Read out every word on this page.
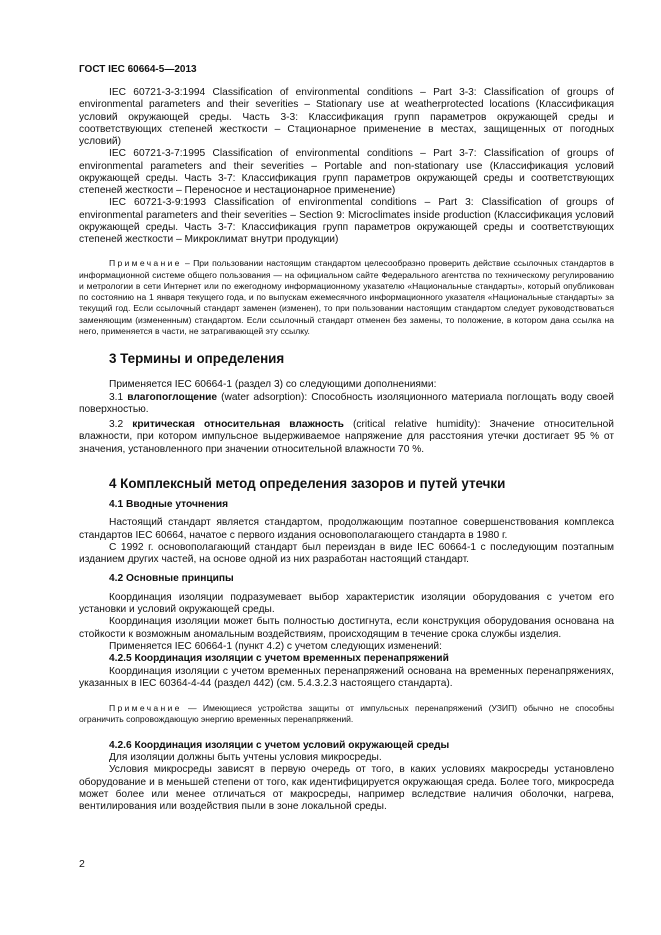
ГОСТ IEC 60664-5—2013

IEC 60721-3-3:1994 Classification of environmental conditions – Part 3-3: Classification of groups of environmental parameters and their severities – Stationary use at weatherprotected locations (Классификация условий окружающей среды. Часть 3-3: Классификация групп параметров окружающей среды и соответствующих степеней жесткости – Стационарное применение в местах, защищенных от погодных условий)

IEC 60721-3-7:1995 Classification of environmental conditions – Part 3-7: Classification of groups of environmental parameters and their severities – Portable and non-stationary use (Классификация условий окружающей среды. Часть 3-7: Классификация групп параметров окружающей среды и соответствующих степеней жесткости – Переносное и нестационарное применение)

IEC 60721-3-9:1993 Classification of environmental conditions – Part 3: Classification of groups of environmental parameters and their severities – Section 9: Microclimates inside production (Классификация условий окружающей среды. Часть 3-7: Классификация групп параметров окружающей среды и соответствующих степеней жесткости – Микроклимат внутри продукции)

Примечание – При пользовании настоящим стандартом целесообразно проверить действие ссылочных стандартов в информационной системе общего пользования — на официальном сайте Федерального агентства по техническому регулированию и метрологии в сети Интернет или по ежегодному информационному указателю «Национальные стандарты», который опубликован по состоянию на 1 января текущего года, и по выпускам ежемесячного информационного указателя «Национальные стандарты» за текущий год. Если ссылочный стандарт заменен (изменен), то при пользовании настоящим стандартом следует руководствоваться заменяющим (измененным) стандартом. Если ссылочный стандарт отменен без замены, то положение, в котором дана ссылка на него, применяется в части, не затрагивающей эту ссылку.

3 Термины и определения

Применяется IEC 60664-1 (раздел 3) со следующими дополнениями:

3.1 влагопоглощение (water adsorption): Способность изоляционного материала поглощать воду своей поверхностью.

3.2 критическая относительная влажность (critical relative humidity): Значение относительной влажности, при котором импульсное выдерживаемое напряжение для расстояния утечки достигает 95 % от значения, установленного при значении относительной влажности 70 %.

4 Комплексный метод определения зазоров и путей утечки
4.1 Вводные уточнения

Настоящий стандарт является стандартом, продолжающим поэтапное совершенствования комплекса стандартов IEC 60664, начатое с первого издания основополагающего стандарта в 1980 г.

С 1992 г. основополагающий стандарт был переиздан в виде IEC 60664-1 с последующим поэтапным изданием других частей, на основе одной из них разработан настоящий стандарт.

4.2 Основные принципы

Координация изоляции подразумевает выбор характеристик изоляции оборудования с учетом его установки и условий окружающей среды.

Координация изоляции может быть полностью достигнута, если конструкция оборудования основана на стойкости к возможным аномальным воздействиям, происходящим в течение срока службы изделия.

Применяется IEC 60664-1 (пункт 4.2) с учетом следующих изменений:

4.2.5 Координация изоляции с учетом временных перенапряжений

Координация изоляции с учетом временных перенапряжений основана на временных перенапряжениях, указанных в IEC 60364-4-44 (раздел 442) (см. 5.4.3.2.3 настоящего стандарта).

Примечание — Имеющиеся устройства защиты от импульсных перенапряжений (УЗИП) обычно не способны ограничить сопровождающую энергию временных перенапряжений.

4.2.6 Координация изоляции с учетом условий окружающей среды

Для изоляции должны быть учтены условия микросреды.

Условия микросреды зависят в первую очередь от того, в каких условиях макросреды установлено оборудование и в меньшей степени от того, как идентифицируется окружающая среда. Более того, микросреда может более или менее отличаться от макросреды, например вследствие наличия оболочки, нагрева, вентилирования или воздействия пыли в зоне локальной среды.

2
